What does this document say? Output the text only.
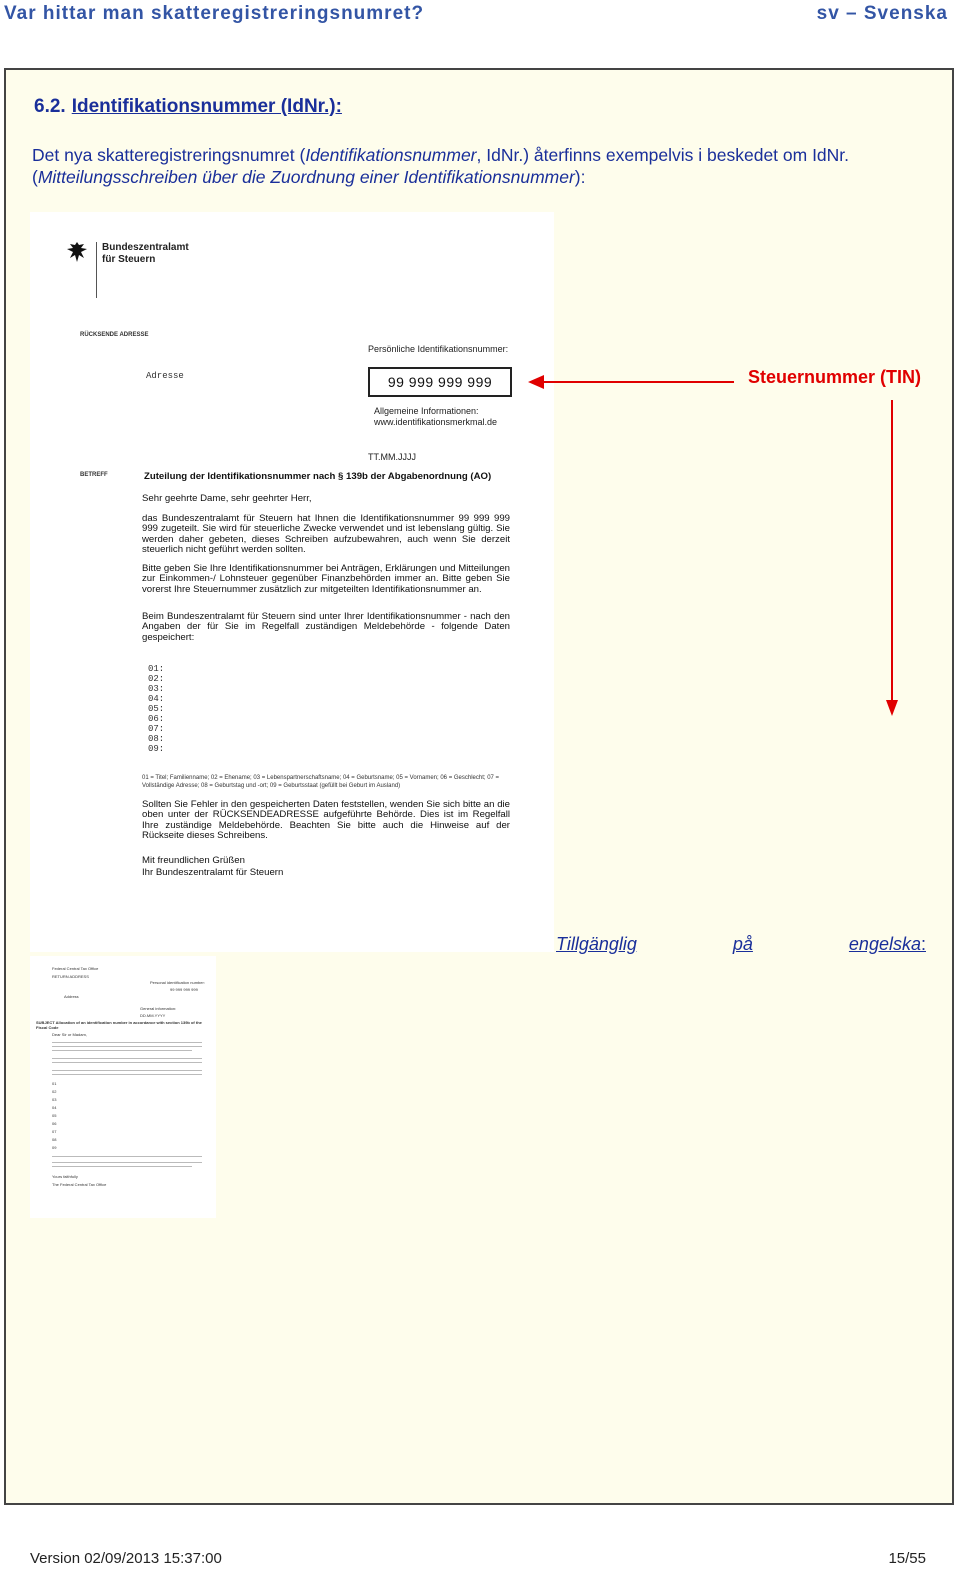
Var hittar man skatteregistreringsnumret?	sv – Svenska
6.2. Identifikationsnummer (IdNr.):
Det nya skatteregistreringsnumret (Identifikationsnummer, IdNr.) återfinns exempelvis i beskedet om IdNr. (Mitteilungsschreiben über die Zuordnung einer Identifikationsnummer):
Bundeszentralamt
für Steuern
RÜCKSENDE ADRESSE
Persönliche Identifikationsnummer:
Adresse	99 999 999 999
Allgemeine Informationen:
www.identifikationsmerkmal.de
TT.MM.JJJJ
BETREFF	Zuteilung der Identifikationsnummer nach § 139b der Abgabenordnung (AO)
Sehr geehrte Dame, sehr geehrter Herr,
das Bundeszentralamt für Steuern hat Ihnen die Identifikationsnummer 99 999 999 999 zugeteilt. Sie wird für steuerliche Zwecke verwendet und ist lebenslang gültig. Sie werden daher gebeten, dieses Schreiben aufzubewahren, auch wenn Sie derzeit steuerlich nicht geführt werden sollten.
Bitte geben Sie Ihre Identifikationsnummer bei Anträgen, Erklärungen und Mitteilungen zur Einkommen-/ Lohnsteuer gegenüber Finanzbehörden immer an. Bitte geben Sie vorerst Ihre Steuernummer zusätzlich zur mitgeteilten Identifikationsnummer an.
Beim Bundeszentralamt für Steuern sind unter Ihrer Identifikationsnummer - nach den Angaben der für Sie im Regelfall zuständigen Meldebehörde - folgende Daten gespeichert:
01:
02:
03:
04:
05:
06:
07:
08:
09:
01 = Titel; Familienname; 02 = Ehename; 03 = Lebenspartnerschaftsname; 04 = Geburtsname; 05 = Vornamen; 06 = Geschlecht; 07 = Vollständige Adresse; 08 = Geburtstag und -ort; 09 = Geburtsstaat (gefüllt bei Geburt im Ausland)
Sollten Sie Fehler in den gespeicherten Daten feststellen, wenden Sie sich bitte an die oben unter der RÜCKSENDEADRESSE aufgeführte Behörde. Dies ist im Regelfall Ihre zuständige Meldebehörde. Beachten Sie bitte auch die Hinweise auf der Rückseite dieses Schreibens.
Mit freundlichen Grüßen
Ihr Bundeszentralamt für Steuern
Federal Central Tax Office
RETURN ADDRESS
Personal identification number:
99 999 999 999
Address
General information:
DD.MM.YYYY
SUBJECT Allocation of an identification number in accordance with section 139b of the Fiscal Code
Dear Sir or Madam,
01
02
03
04
05
06
07
08
09
Yours faithfully
The Federal Central Tax Office
Steuernummer (TIN)
Tillgänglig	på	engelska:
Version 02/09/2013 15:37:00	15/55
